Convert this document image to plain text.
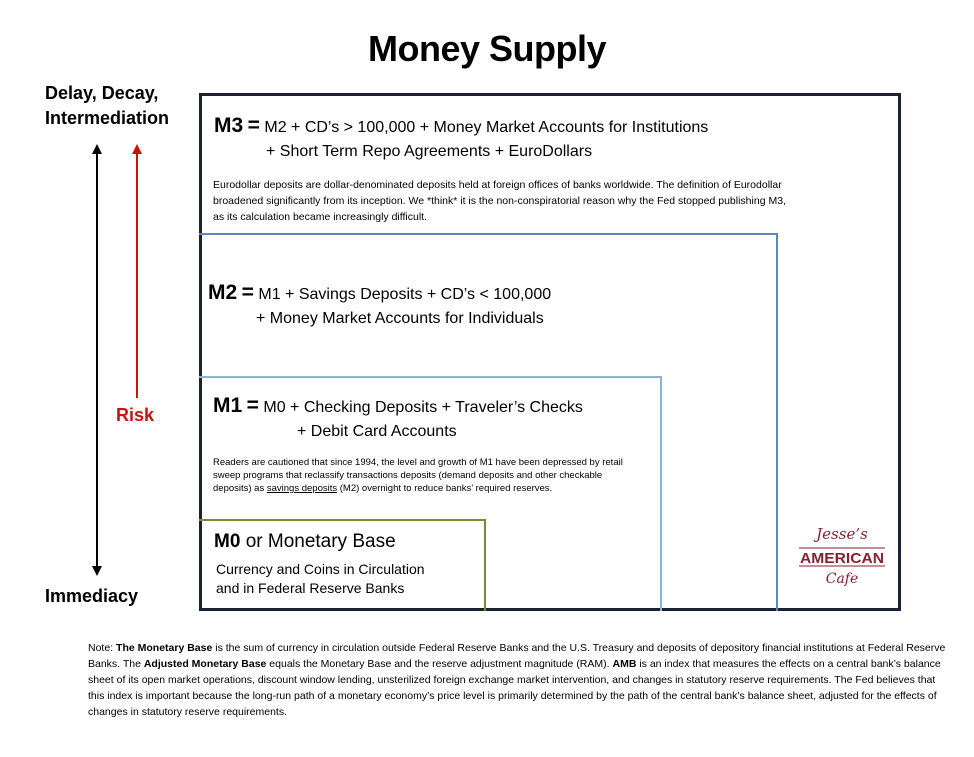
Money Supply
Delay, Decay,
Intermediation
Risk
Immediacy
M3 = M2 + CD’s > 100,000 + Money Market Accounts for Institutions
+ Short Term Repo Agreements + EuroDollars
Eurodollar deposits are dollar-denominated deposits held at foreign offices of banks worldwide. The definition of Eurodollar broadened significantly from its inception. We *think* it is the non-conspiratorial reason why the Fed stopped publishing M3, as its calculation became increasingly difficult.
M2 = M1 + Savings Deposits + CD’s < 100,000
+ Money Market Accounts for Individuals
M1 = M0 + Checking Deposits + Traveler’s Checks
+ Debit Card Accounts
Readers are cautioned that since 1994, the level and growth of M1 have been depressed by retail sweep programs that reclassify transactions deposits (demand deposits and other checkable deposits) as savings deposits (M2) overnight to reduce banks’ required reserves.
M0 or Monetary Base
Currency and Coins in Circulation
and in Federal Reserve Banks
Jesse’s
AMERICAN
Cafe
Note: The Monetary Base is the sum of currency in circulation outside Federal Reserve Banks and the U.S. Treasury and deposits of depository financial institutions at Federal Reserve Banks. The Adjusted Monetary Base equals the Monetary Base and the reserve adjustment magnitude (RAM). AMB is an index that measures the effects on a central bank’s balance sheet of its open market operations, discount window lending, unsterilized foreign exchange market intervention, and changes in statutory reserve requirements. The Fed believes that this index is important because the long-run path of a monetary economy’s price level is primarily determined by the path of the central bank’s balance sheet, adjusted for the effects of changes in statutory reserve requirements.
